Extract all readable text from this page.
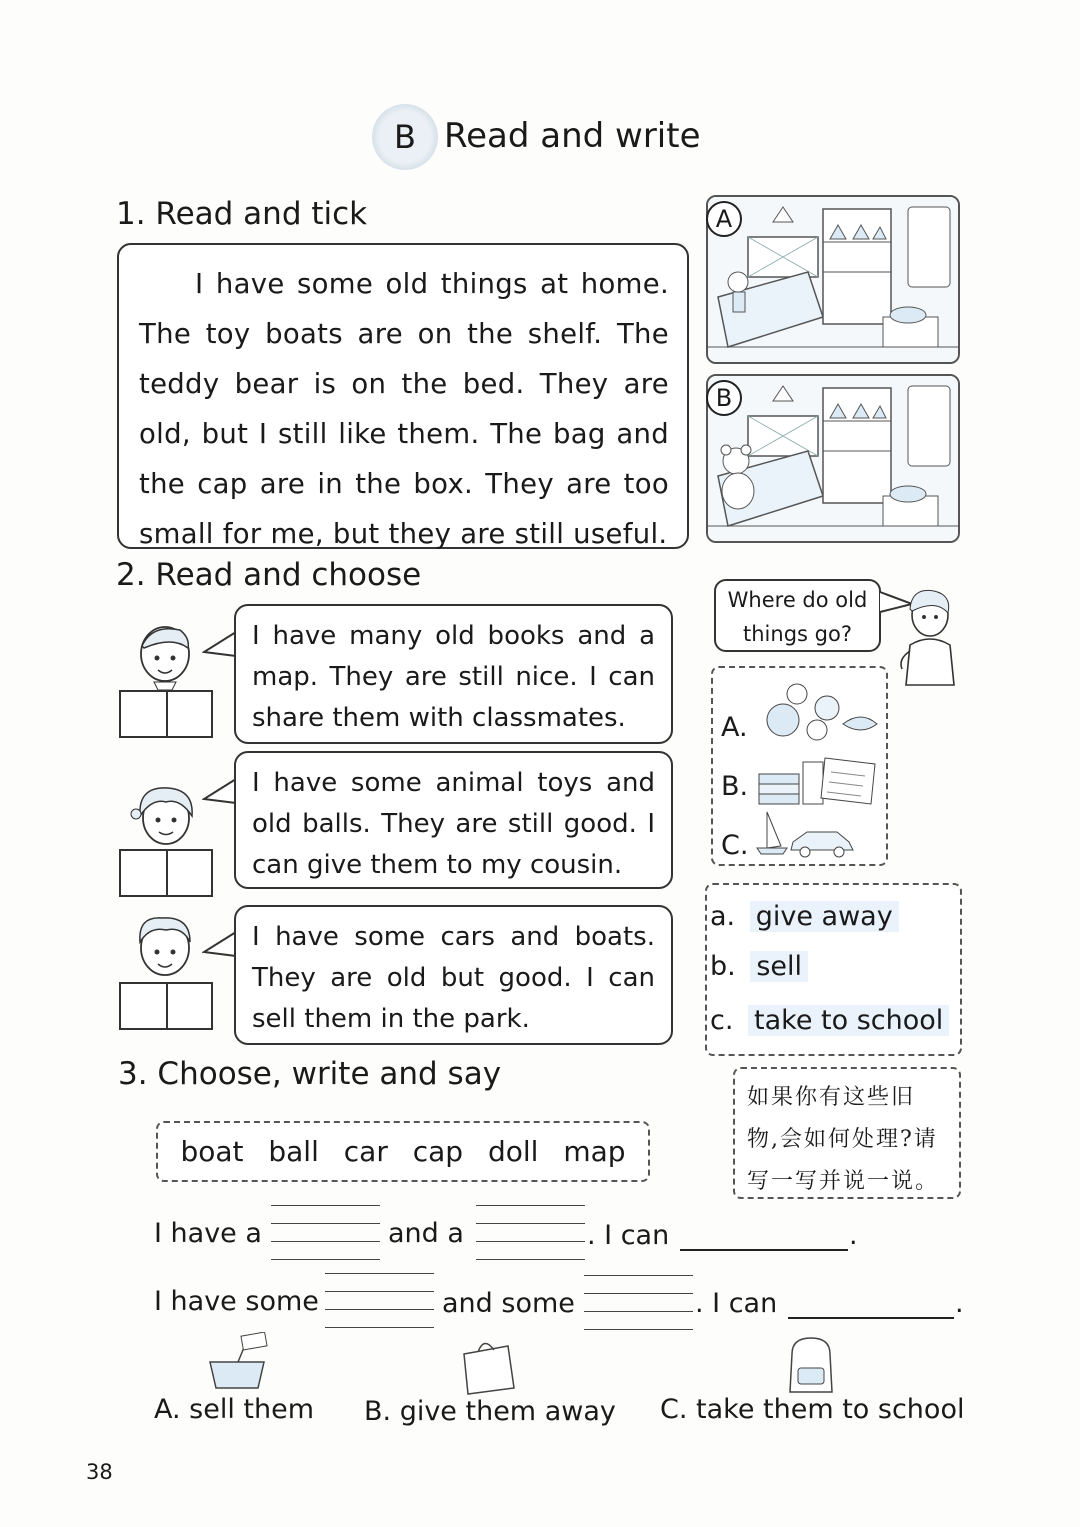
B Read and write
1. Read and tick

I have some old things at home. The toy boats are on the shelf. The teddy bear is on the bed. They are old, but I still like them. The bag and the cap are in the box. They are too small for me, but they are still useful.

A
B
2. Read and choose
I have many old books and a map. They are still nice. I can share them with classmates.
I have some animal toys and old balls. They are still good. I can give them to my cousin.
I have some cars and boats. They are old but good. I can sell them in the park.
Where do old things go?
A.
B.
C.
a. give away
b. sell
c. take to school
3. Choose, write and say
如果你有这些旧物,会如何处理?请写一写并说一说。
boat ball car cap doll map
I have a	and a	. I can	.
I have some	and some	. I can	.
A. sell them B. give them away C. take them to school
38
